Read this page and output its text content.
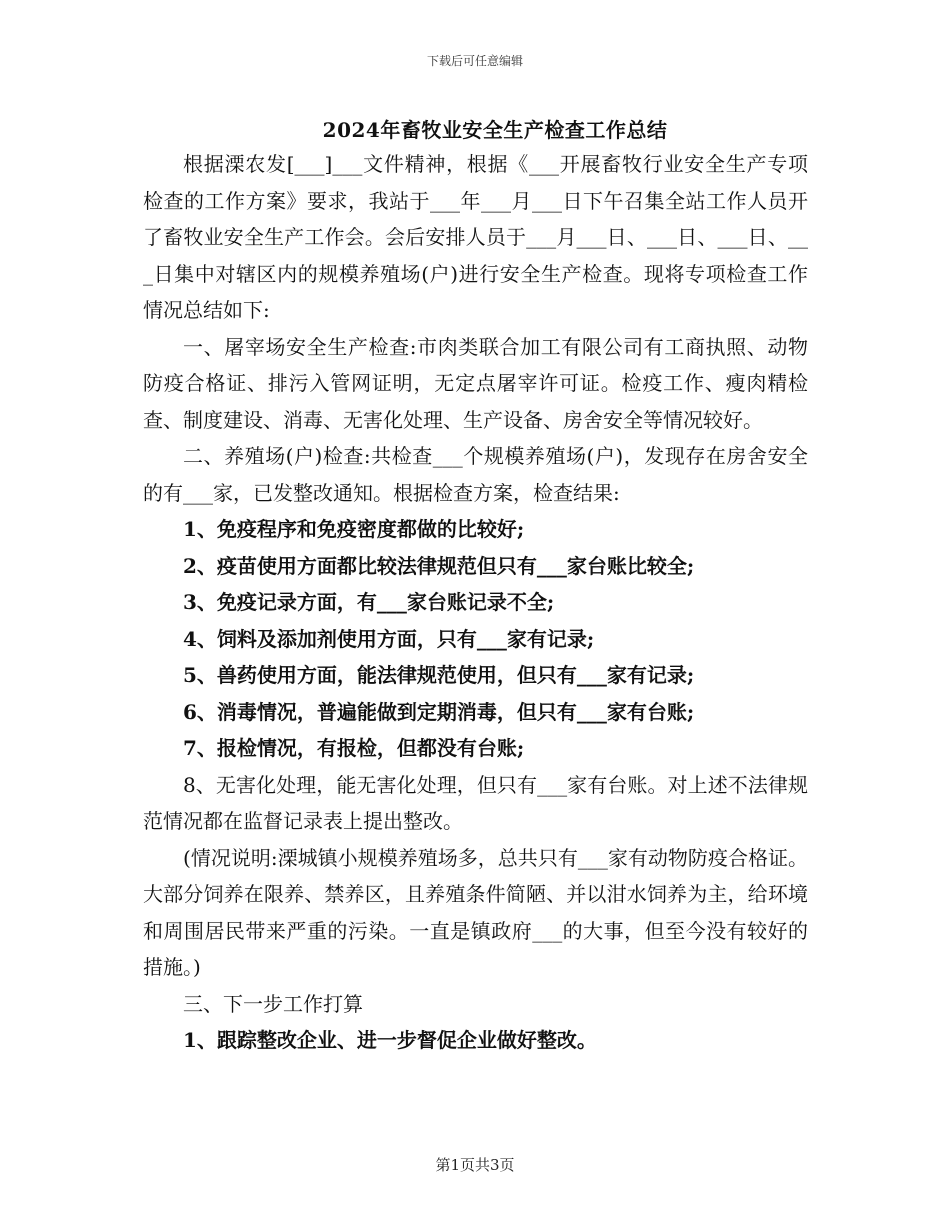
下载后可任意编辑
2024年畜牧业安全生产检查工作总结

根据溧农发[___]___文件精神，根据《___开展畜牧行业安全生产专项检查的工作方案》要求，我站于___年___月___日下午召集全站工作人员开了畜牧业安全生产工作会。会后安排人员于___月___日、___日、___日、___日集中对辖区内的规模养殖场(户)进行安全生产检查。现将专项检查工作情况总结如下:

一、屠宰场安全生产检查:市肉类联合加工有限公司有工商执照、动物防疫合格证、排污入管网证明，无定点屠宰许可证。检疫工作、瘦肉精检查、制度建设、消毒、无害化处理、生产设备、房舍安全等情况较好。

二、养殖场(户)检查:共检查___个规模养殖场(户)，发现存在房舍安全的有___家，已发整改通知。根据检查方案，检查结果:

1、免疫程序和免疫密度都做的比较好;

2、疫苗使用方面都比较法律规范但只有___家台账比较全;

3、免疫记录方面，有___家台账记录不全;

4、饲料及添加剂使用方面，只有___家有记录;

5、兽药使用方面，能法律规范使用，但只有___家有记录;

6、消毒情况，普遍能做到定期消毒，但只有___家有台账;

7、报检情况，有报检，但都没有台账;

8、无害化处理，能无害化处理，但只有___家有台账。对上述不法律规范情况都在监督记录表上提出整改。

(情况说明:溧城镇小规模养殖场多，总共只有___家有动物防疫合格证。大部分饲养在限养、禁养区，且养殖条件简陋、并以泔水饲养为主，给环境和周围居民带来严重的污染。一直是镇政府___的大事，但至今没有较好的措施。)

三、下一步工作打算

1、跟踪整改企业、进一步督促企业做好整改。

第1页共3页
